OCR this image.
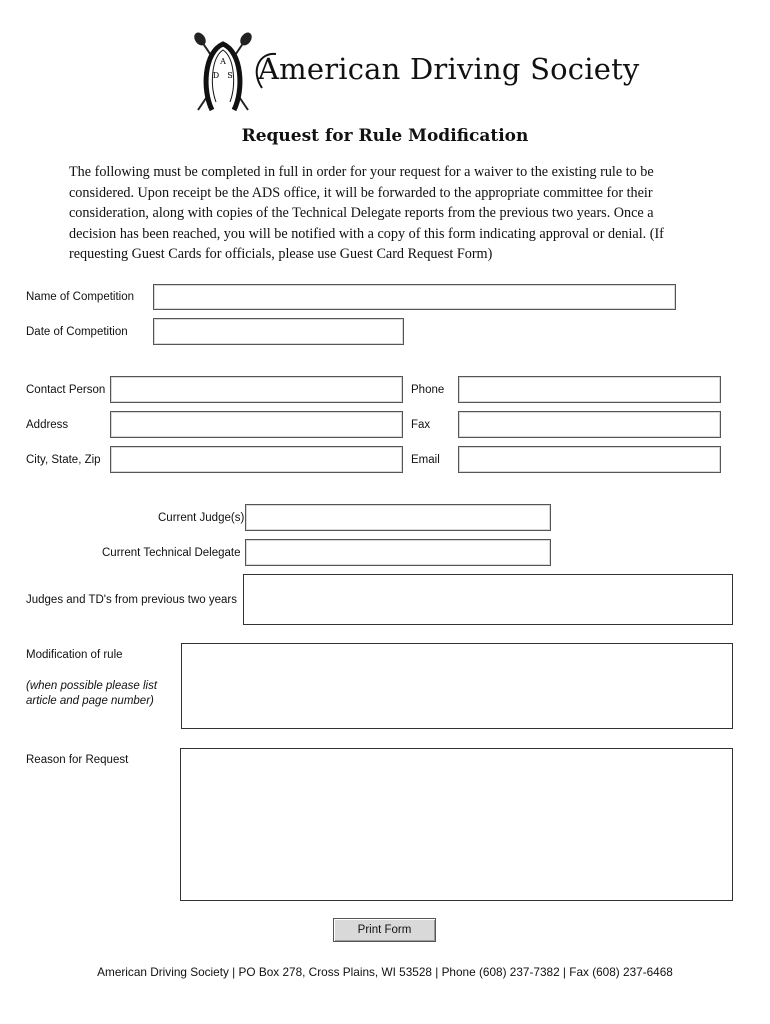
A
D S American Driving Society
Request for Rule Modification
The following must be completed in full in order for your request for a waiver to the existing rule to be considered. Upon receipt be the ADS office, it will be forwarded to the appropriate committee for their consideration, along with copies of the Technical Delegate reports from the previous two years. Once a decision has been reached, you will be notified with a copy of this form indicating approval or denial. (If requesting Guest Cards for officials, please use Guest Card Request Form)
Name of Competition
Date of Competition
Contact Person	Phone
Address	Fax
City, State, Zip	Email
Current Judge(s)
Current Technical Delegate
Judges and TD's from previous two years
Modification of rule
(when possible please list article and page number)
Reason for Request
Print Form
American Driving Society | PO Box 278, Cross Plains, WI 53528 | Phone (608) 237-7382 | Fax (608) 237-6468
